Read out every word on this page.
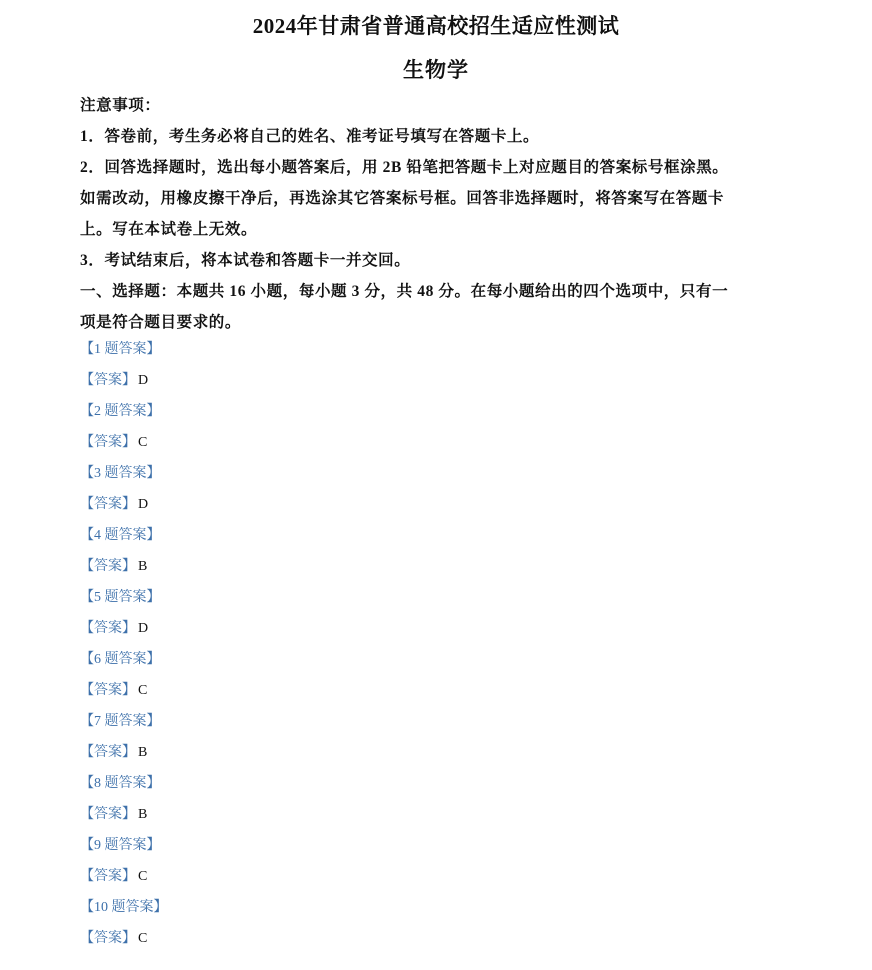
2024年甘肃省普通高校招生适应性测试
生物学
注意事项：
1．答卷前，考生务必将自己的姓名、准考证号填写在答题卡上。
2．回答选择题时，选出每小题答案后，用 2B 铅笔把答题卡上对应题目的答案标号框涂黑。
如需改动，用橡皮擦干净后，再选涂其它答案标号框。回答非选择题时，将答案写在答题卡
上。写在本试卷上无效。
3．考试结束后，将本试卷和答题卡一并交回。
一、选择题：本题共 16 小题，每小题 3 分，共 48 分。在每小题给出的四个选项中，只有一
项是符合题目要求的。
【1 题答案】
【答案】 D
【2 题答案】
【答案】 C
【3 题答案】
【答案】 D
【4 题答案】
【答案】 B
【5 题答案】
【答案】 D
【6 题答案】
【答案】 C
【7 题答案】
【答案】 B
【8 题答案】
【答案】 B
【9 题答案】
【答案】 C
【10 题答案】
【答案】 C
